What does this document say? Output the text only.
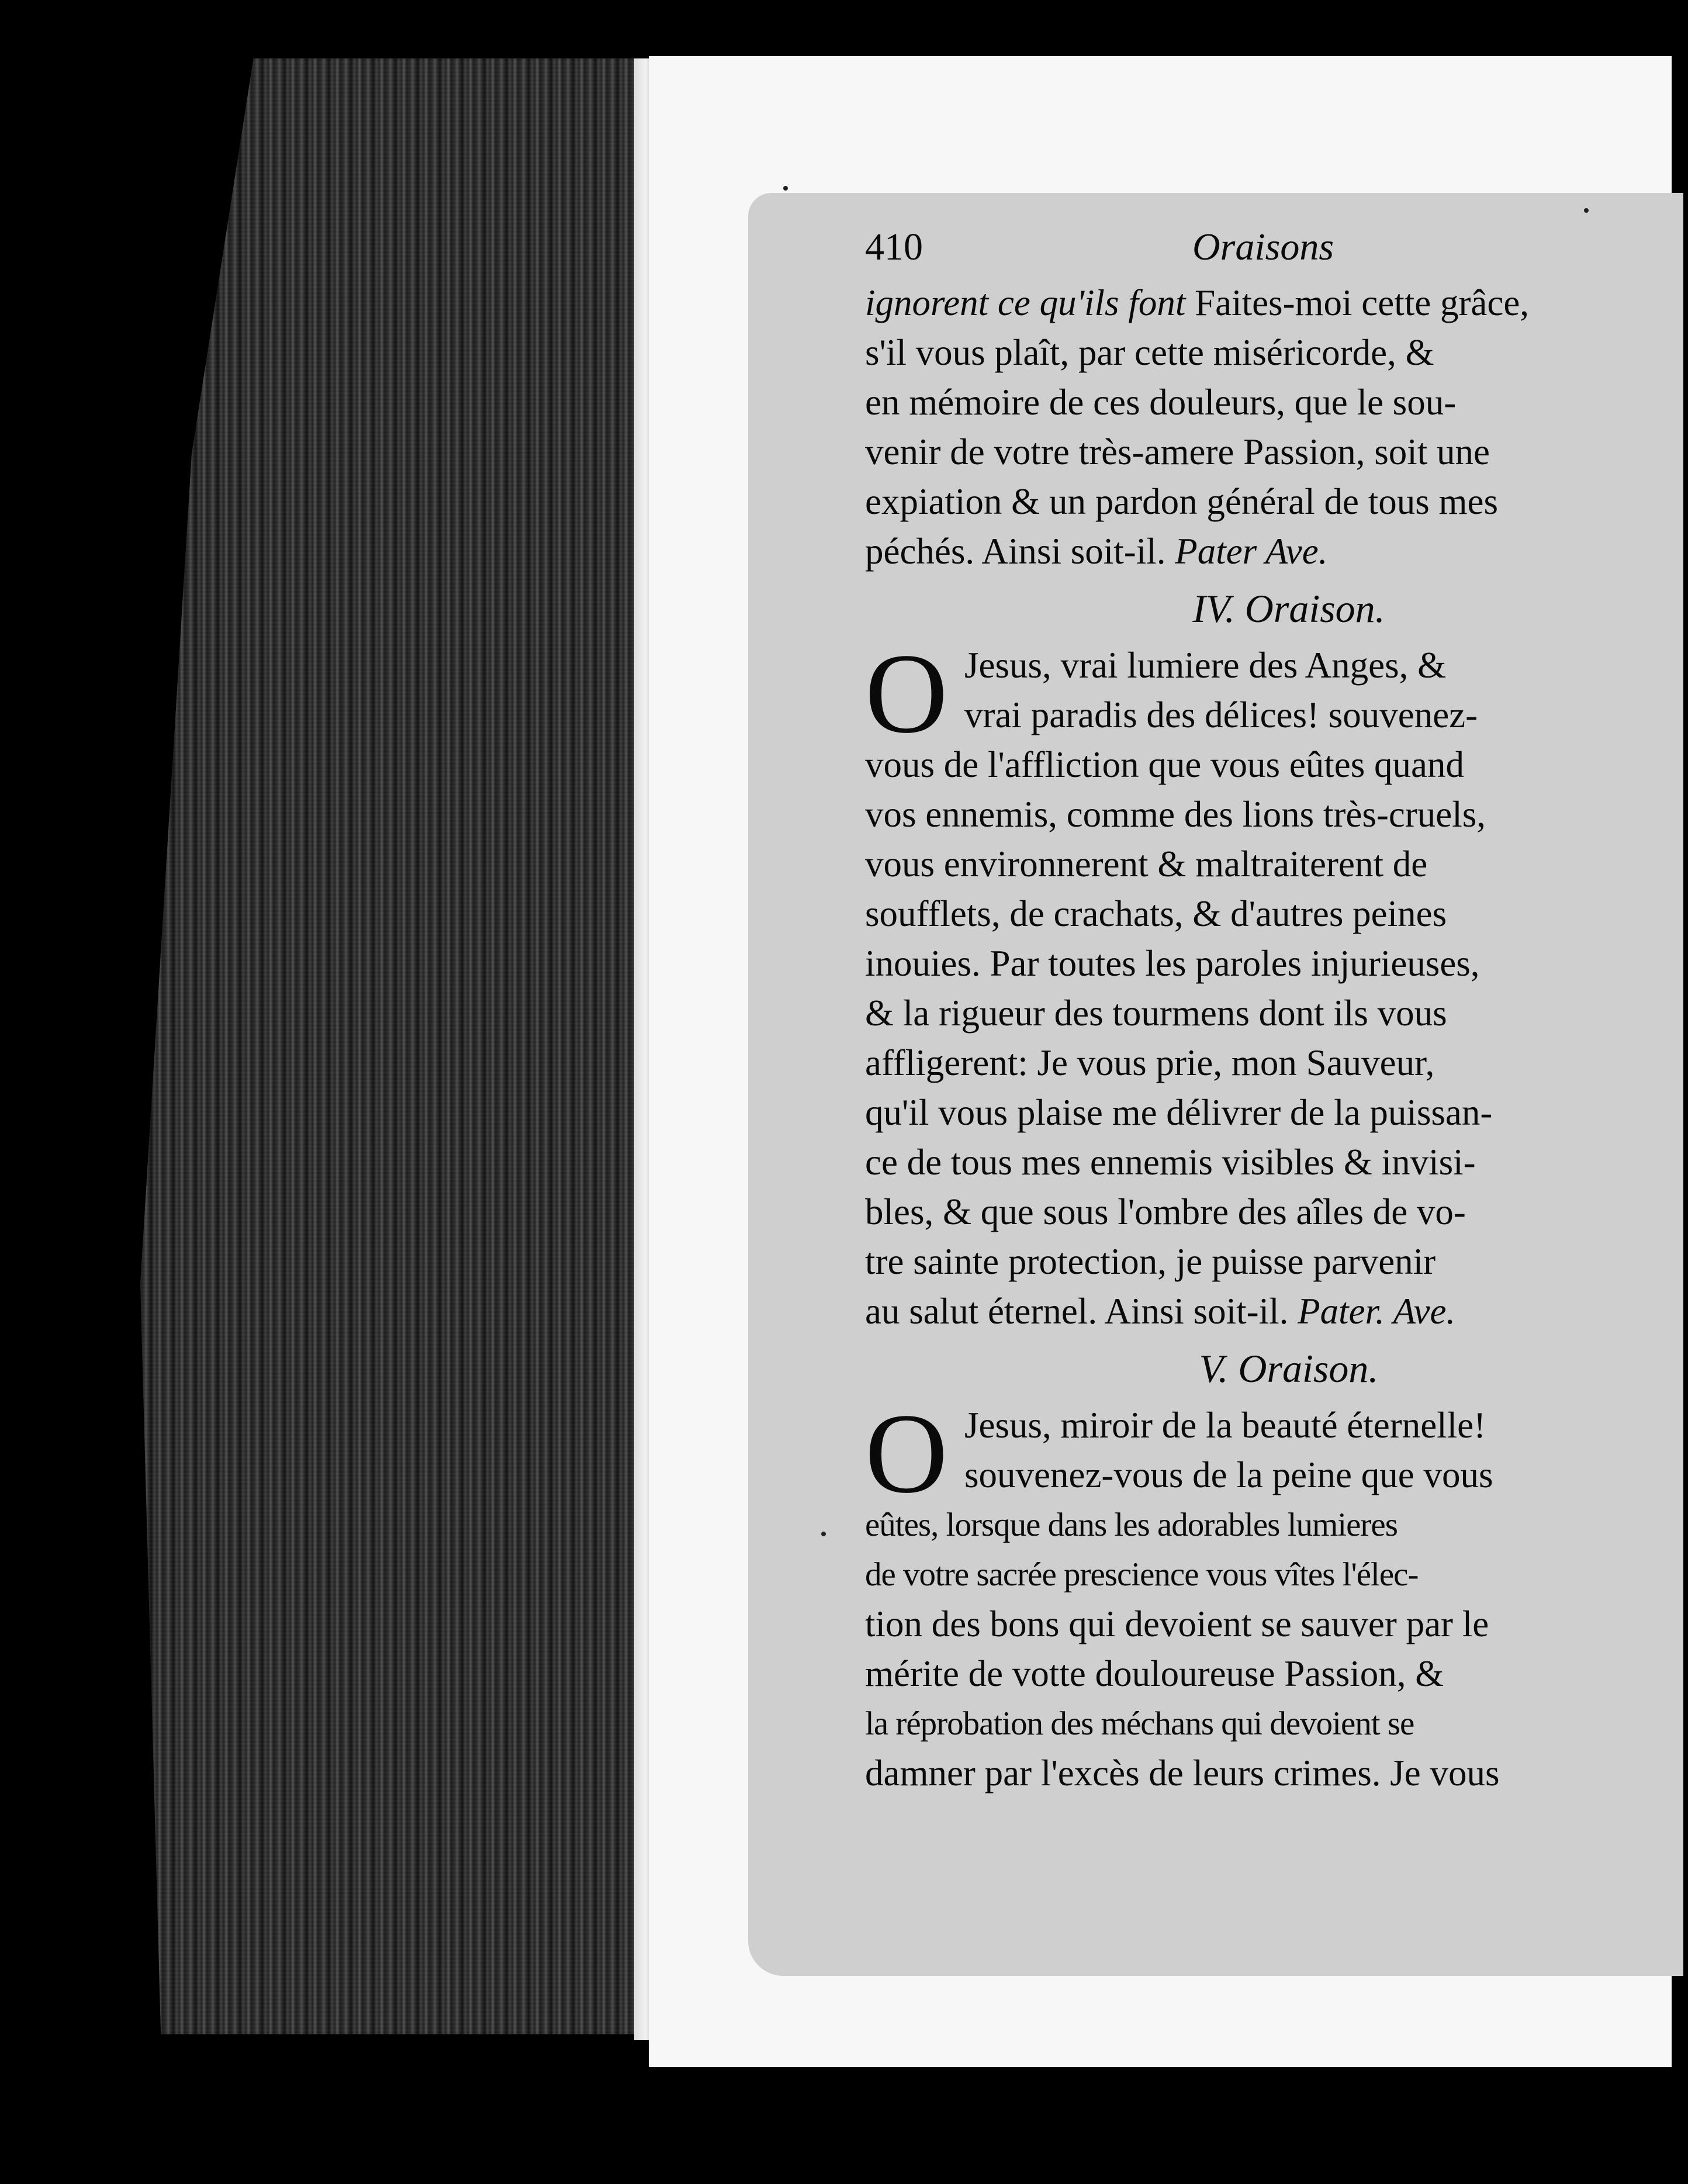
410	Oraisons
ignorent ce qu'ils font Faites-moi cette grâce,
s'il vous plaît, par cette miséricorde, &
en mémoire de ces douleurs, que le sou-
venir de votre très-amere Passion, soit une
expiation & un pardon général de tous mes
péchés. Ainsi soit-il. Pater Ave.
IV. Oraison.
O Jesus, vrai lumiere des Anges, &
vrai paradis des délices! souvenez-
vous de l'affliction que vous eûtes quand
vos ennemis, comme des lions très-cruels,
vous environnerent & maltraiterent de
soufflets, de crachats, & d'autres peines
inouies. Par toutes les paroles injurieuses,
& la rigueur des tourmens dont ils vous
affligerent: Je vous prie, mon Sauveur,
qu'il vous plaise me délivrer de la puissan-
ce de tous mes ennemis visibles & invisi-
bles, & que sous l'ombre des aîles de vo-
tre sainte protection, je puisse parvenir
au salut éternel. Ainsi soit-il. Pater. Ave.
V. Oraison.
O Jesus, miroir de la beauté éternelle!
souvenez-vous de la peine que vous
eûtes, lorsque dans les adorables lumieres
de votre sacrée prescience vous vîtes l'élec-
tion des bons qui devoient se sauver par le
mérite de votte douloureuse Passion, &
la réprobation des méchans qui devoient se
damner par l'excès de leurs crimes. Je vous
